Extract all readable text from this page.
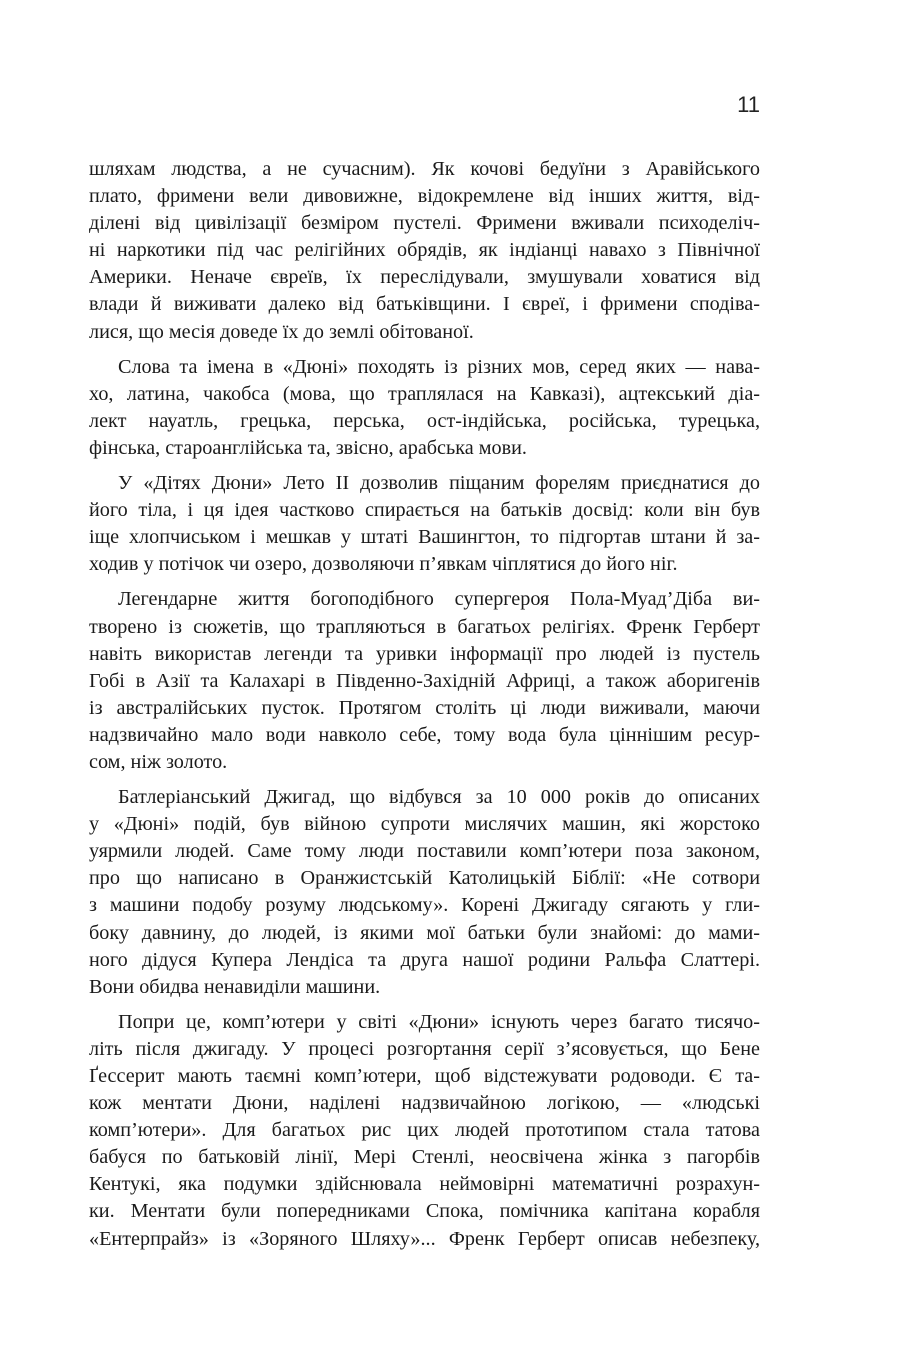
11
шляхам людства, а не сучасним). Як кочові бедуїни з Аравійського
плато, фримени вели дивовижне, відокремлене від інших життя, від-
ділені від цивілізації безміром пустелі. Фримени вживали психоделіч-
ні наркотики під час релігійних обрядів, як індіанці навахо з Північної
Америки. Неначе євреїв, їх переслідували, змушували ховатися від
влади й виживати далеко від батьківщини. І євреї, і фримени сподіва-
лися, що месія доведе їх до землі обітованої.
Слова та імена в «Дюні» походять із різних мов, серед яких — нава-
хо, латина, чакобса (мова, що траплялася на Кавказі), ацтекський діа-
лект науатль, грецька, перська, ост-індійська, російська, турецька,
фінська, староанглійська та, звісно, арабська мови.
У «Дітях Дюни» Лето ІІ дозволив піщаним форелям приєднатися до
його тіла, і ця ідея частково спирається на батьків досвід: коли він був
іще хлопчиськом і мешкав у штаті Вашингтон, то підгортав штани й за-
ходив у потічок чи озеро, дозволяючи п’явкам чіплятися до його ніг.
Легендарне життя богоподібного супергероя Пола-Муад’Діба ви-
творено із сюжетів, що трапляються в багатьох релігіях. Френк Герберт
навіть використав легенди та уривки інформації про людей із пустель
Гобі в Азії та Калахарі в Південно-Західній Африці, а також аборигенів
із австралійських пусток. Протягом століть ці люди виживали, маючи
надзвичайно мало води навколо себе, тому вода була ціннішим ресур-
сом, ніж золото.
Батлеріанський Джигад, що відбувся за 10 000 років до описаних
у «Дюні» подій, був війною супроти мислячих машин, які жорстоко
уярмили людей. Саме тому люди поставили комп’ютери поза законом,
про що написано в Оранжистській Католицькій Біблії: «Не сотвори
з машини подобу розуму людському». Корені Джигаду сягають у гли-
боку давнину, до людей, із якими мої батьки були знайомі: до мами-
ного дідуся Купера Лендіса та друга нашої родини Ральфа Слаттері.
Вони обидва ненавиділи машини.
Попри це, комп’ютери у світі «Дюни» існують через багато тисячо-
літь після джигаду. У процесі розгортання серії з’ясовується, що Бене
Ґессерит мають таємні комп’ютери, щоб відстежувати родоводи. Є та-
кож ментати Дюни, наділені надзвичайною логікою, — «людські
комп’ютери». Для багатьох рис цих людей прототипом стала татова
бабуся по батьковій лінії, Мері Стенлі, неосвічена жінка з пагорбів
Кентукі, яка подумки здійснювала неймовірні математичні розрахун-
ки. Ментати були попередниками Спока, помічника капітана корабля
«Ентерпрайз» із «Зоряного Шляху»... Френк Герберт описав небезпеку,
